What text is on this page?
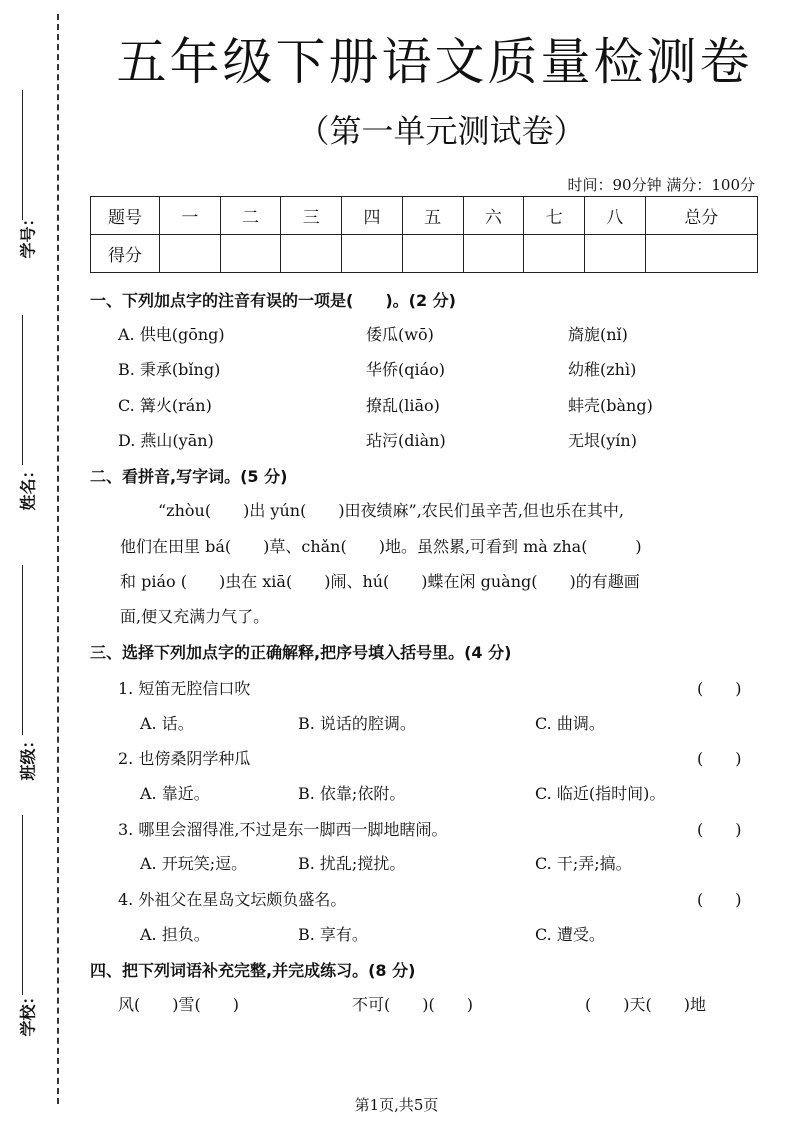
学号：
姓名：
班级：
学校：
五年级下册语文质量检测卷
（第一单元测试卷）
时间：90分钟 满分：100分
题号	一	二	三	四	五	六	七	八	总分
得分									
一、下列加点字的注音有误的一项是(　　)。(2 分)
A. 供电(gōng)	倭瓜(wō)	旖旎(nǐ)
B. 秉承(bǐng)	华侨(qiáo)	幼稚(zhì)
C. 篝火(rán)	撩乱(liāo)	蚌壳(bàng)
D. 燕山(yān)	玷污(diàn)	无垠(yín)
二、看拼音,写字词。(5 分)
“zhòu(　　)出 yún(　　)田夜绩麻”,农民们虽辛苦,但也乐在其中,
他们在田里 bá(　　)草、chǎn(　　)地。虽然累,可看到 mà zha(　　　)
和 piáo (　　)虫在 xiā(　　)闹、hú(　　)蝶在闲 guàng(　　)的有趣画
面,便又充满力气了。
三、选择下列加点字的正确解释,把序号填入括号里。(4 分)
1. 短笛无腔信口吹	(　　)
A. 话。	B. 说话的腔调。	C. 曲调。
2. 也傍桑阴学种瓜	(　　)
A. 靠近。	B. 依靠;依附。	C. 临近(指时间)。
3. 哪里会溜得准,不过是东一脚西一脚地瞎闹。	(　　)
A. 开玩笑;逗。	B. 扰乱;搅扰。	C. 干;弄;搞。
4. 外祖父在星岛文坛颇负盛名。	(　　)
A. 担负。	B. 享有。	C. 遭受。
四、把下列词语补充完整,并完成练习。(8 分)
风(　　)雪(　　)	不可(　　)(　　)	(　　)天(　　)地
第1页,共5页
